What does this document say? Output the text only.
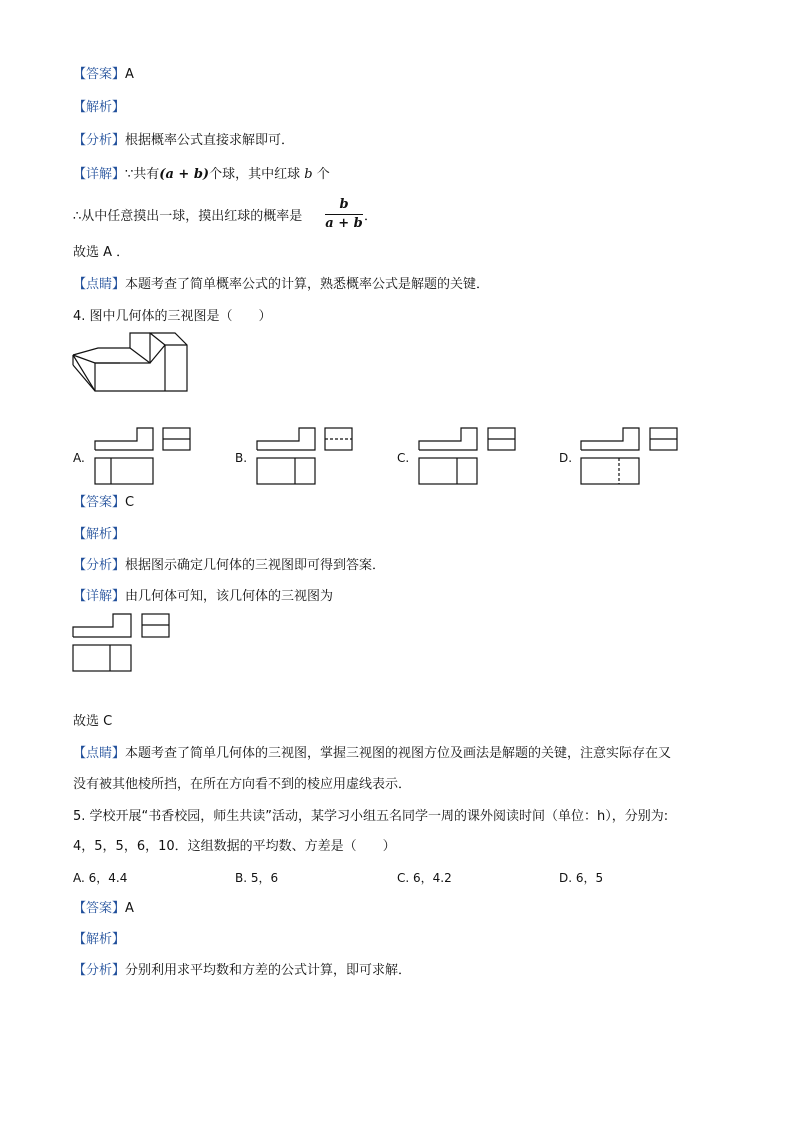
【答案】A
【解析】
【分析】根据概率公式直接求解即可．
【详解】∵共有(a + b)个球，其中红球 b 个
∴从中任意摸出一球，摸出红球的概率是
b
a + b ．
故选 A ．
【点睛】本题考查了简单概率公式的计算，熟悉概率公式是解题的关键．
4. 图中几何体的三视图是（　　）
A.	B.	C.	D.
【答案】C
【解析】
【分析】根据图示确定几何体的三视图即可得到答案．
【详解】由几何体可知，该几何体的三视图为
故选 C
【点睛】本题考查了简单几何体的三视图，掌握三视图的视图方位及画法是解题的关键，注意实际存在又
没有被其他棱所挡，在所在方向看不到的棱应用虚线表示．
5. 学校开展“书香校园，师生共读”活动，某学习小组五名同学一周的课外阅读时间（单位：h），分别为:
4，5，5，6，10．这组数据的平均数、方差是（　　）
A. 6，4.4	B. 5，6	C. 6，4.2	D. 6，5
【答案】A
【解析】
【分析】分别利用求平均数和方差的公式计算，即可求解．
